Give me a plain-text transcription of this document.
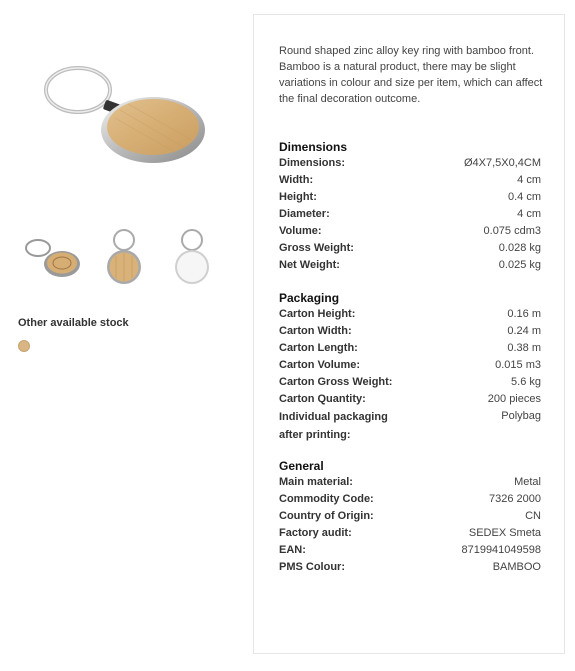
Other available stock
Round shaped zinc alloy key ring with bamboo front. Bamboo is a natural product, there may be slight variations in colour and size per item, which can affect the final decoration outcome.
Dimensions
Dimensions:	Ø4X7,5X0,4CM
Width:	4 cm
Height:	0.4 cm
Diameter:	4 cm
Volume:	0.075 cdm3
Gross Weight:	0.028 kg
Net Weight:	0.025 kg
Packaging
Carton Height:	0.16 m
Carton Width:	0.24 m
Carton Length:	0.38 m
Carton Volume:	0.015 m3
Carton Gross Weight:	5.6 kg
Carton Quantity:	200 pieces
Individual packaging after printing:
Polybag
General
Main material:	Metal
Commodity Code:	7326 2000
Country of Origin:	CN
Factory audit:	SEDEX Smeta
EAN:	8719941049598
PMS Colour:	BAMBOO
